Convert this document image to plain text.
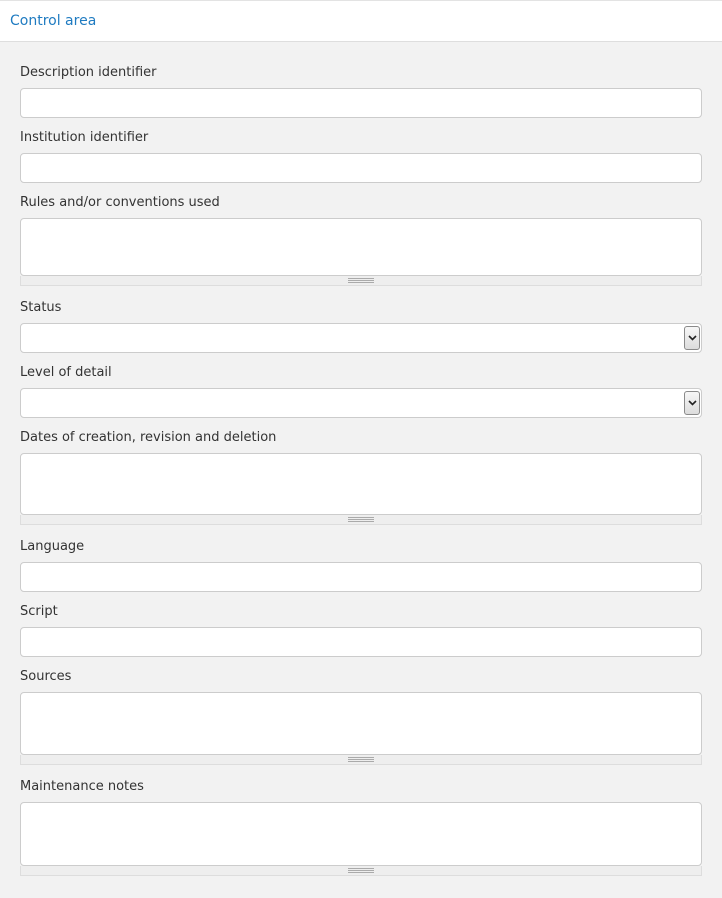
Control area
Description identifier
Institution identifier
Rules and/or conventions used
Status
Level of detail
Dates of creation, revision and deletion
Language
Script
Sources
Maintenance notes
